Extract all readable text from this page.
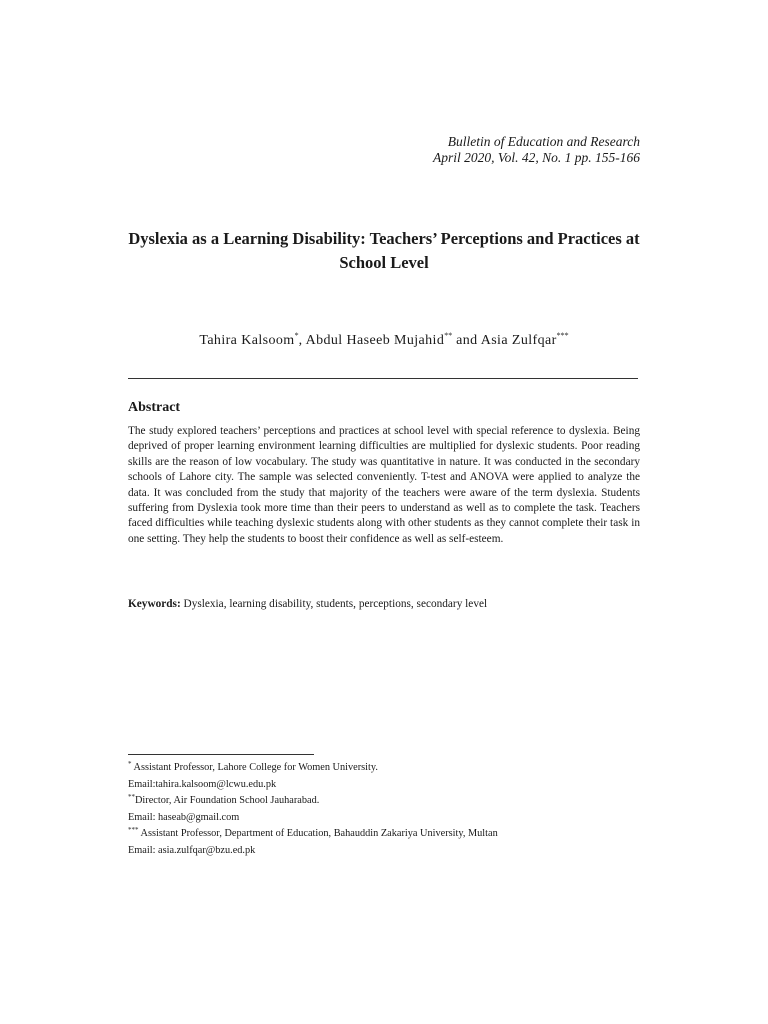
Bulletin of Education and Research
April 2020, Vol. 42, No. 1 pp. 155-166
Dyslexia as a Learning Disability: Teachers’ Perceptions and Practices at School Level
Tahira Kalsoom*, Abdul Haseeb Mujahid** and Asia Zulfqar***
Abstract
The study explored teachers’ perceptions and practices at school level with special reference to dyslexia. Being deprived of proper learning environment learning difficulties are multiplied for dyslexic students. Poor reading skills are the reason of low vocabulary. The study was quantitative in nature. It was conducted in the secondary schools of Lahore city. The sample was selected conveniently. T-test and ANOVA were applied to analyze the data. It was concluded from the study that majority of the teachers were aware of the term dyslexia. Students suffering from Dyslexia took more time than their peers to understand as well as to complete the task. Teachers faced difficulties while teaching dyslexic students along with other students as they cannot complete their task in one setting. They help the students to boost their confidence as well as self-esteem.
Keywords: Dyslexia, learning disability, students, perceptions, secondary level
* Assistant Professor, Lahore College for Women University.
Email:tahira.kalsoom@lcwu.edu.pk
**Director, Air Foundation School Jauharabad.
Email: haseab@gmail.com
*** Assistant Professor, Department of Education, Bahauddin Zakariya University, Multan
Email: asia.zulfqar@bzu.ed.pk
